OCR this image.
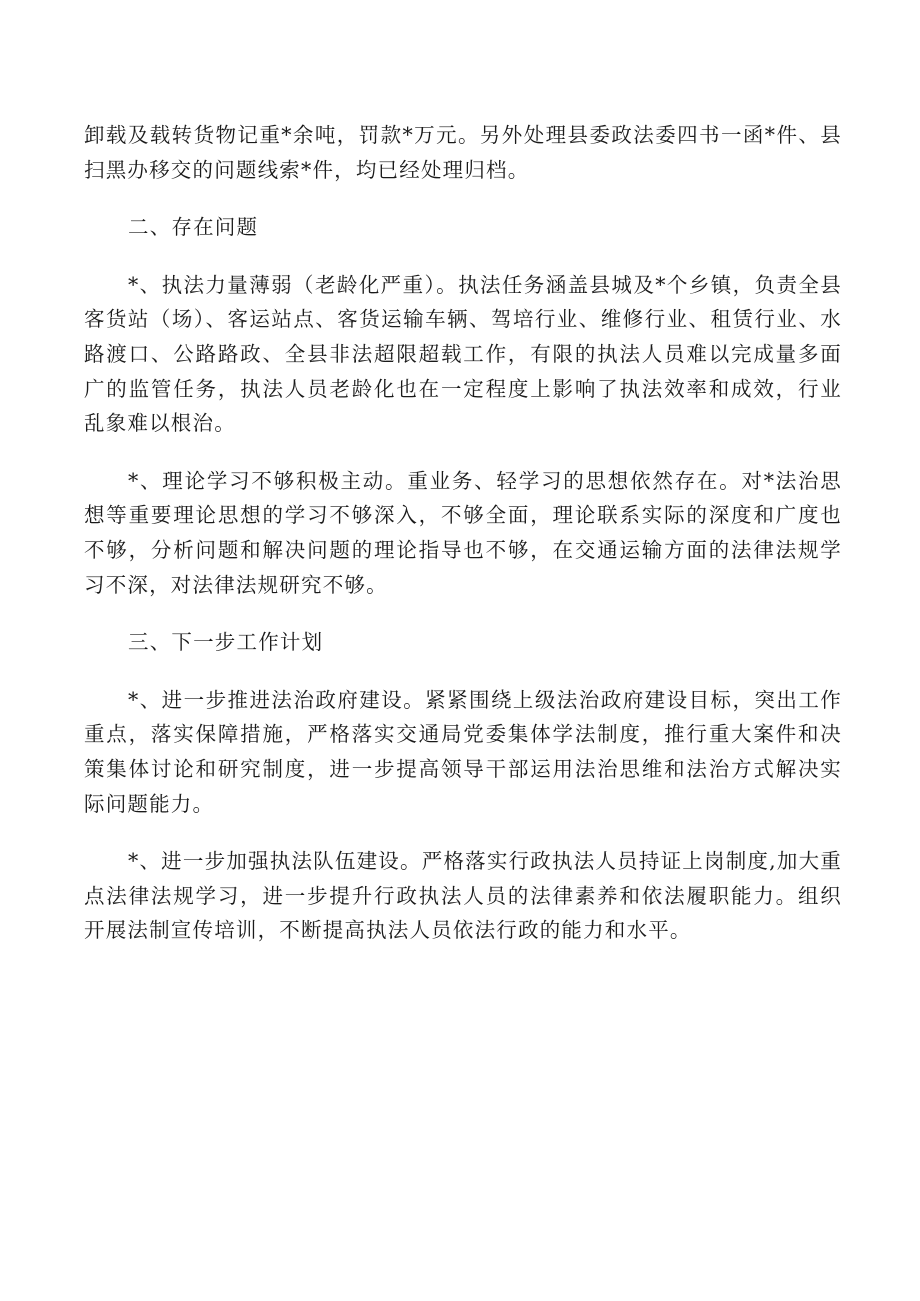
卸载及载转货物记重*余吨，罚款*万元。另外处理县委政法委四书一函*件、县扫黑办移交的问题线索*件，均已经处理归档。

二、存在问题

*、执法力量薄弱（老龄化严重）。执法任务涵盖县城及*个乡镇，负责全县客货站（场）、客运站点、客货运输车辆、驾培行业、维修行业、租赁行业、水路渡口、公路路政、全县非法超限超载工作，有限的执法人员难以完成量多面广的监管任务，执法人员老龄化也在一定程度上影响了执法效率和成效，行业乱象难以根治。

*、理论学习不够积极主动。重业务、轻学习的思想依然存在。对*法治思想等重要理论思想的学习不够深入，不够全面，理论联系实际的深度和广度也不够，分析问题和解决问题的理论指导也不够，在交通运输方面的法律法规学习不深，对法律法规研究不够。

三、下一步工作计划

*、进一步推进法治政府建设。紧紧围绕上级法治政府建设目标，突出工作重点，落实保障措施，严格落实交通局党委集体学法制度，推行重大案件和决策集体讨论和研究制度，进一步提高领导干部运用法治思维和法治方式解决实际问题能力。

*、进一步加强执法队伍建设。严格落实行政执法人员持证上岗制度,加大重点法律法规学习，进一步提升行政执法人员的法律素养和依法履职能力。组织开展法制宣传培训，不断提高执法人员依法行政的能力和水平。
